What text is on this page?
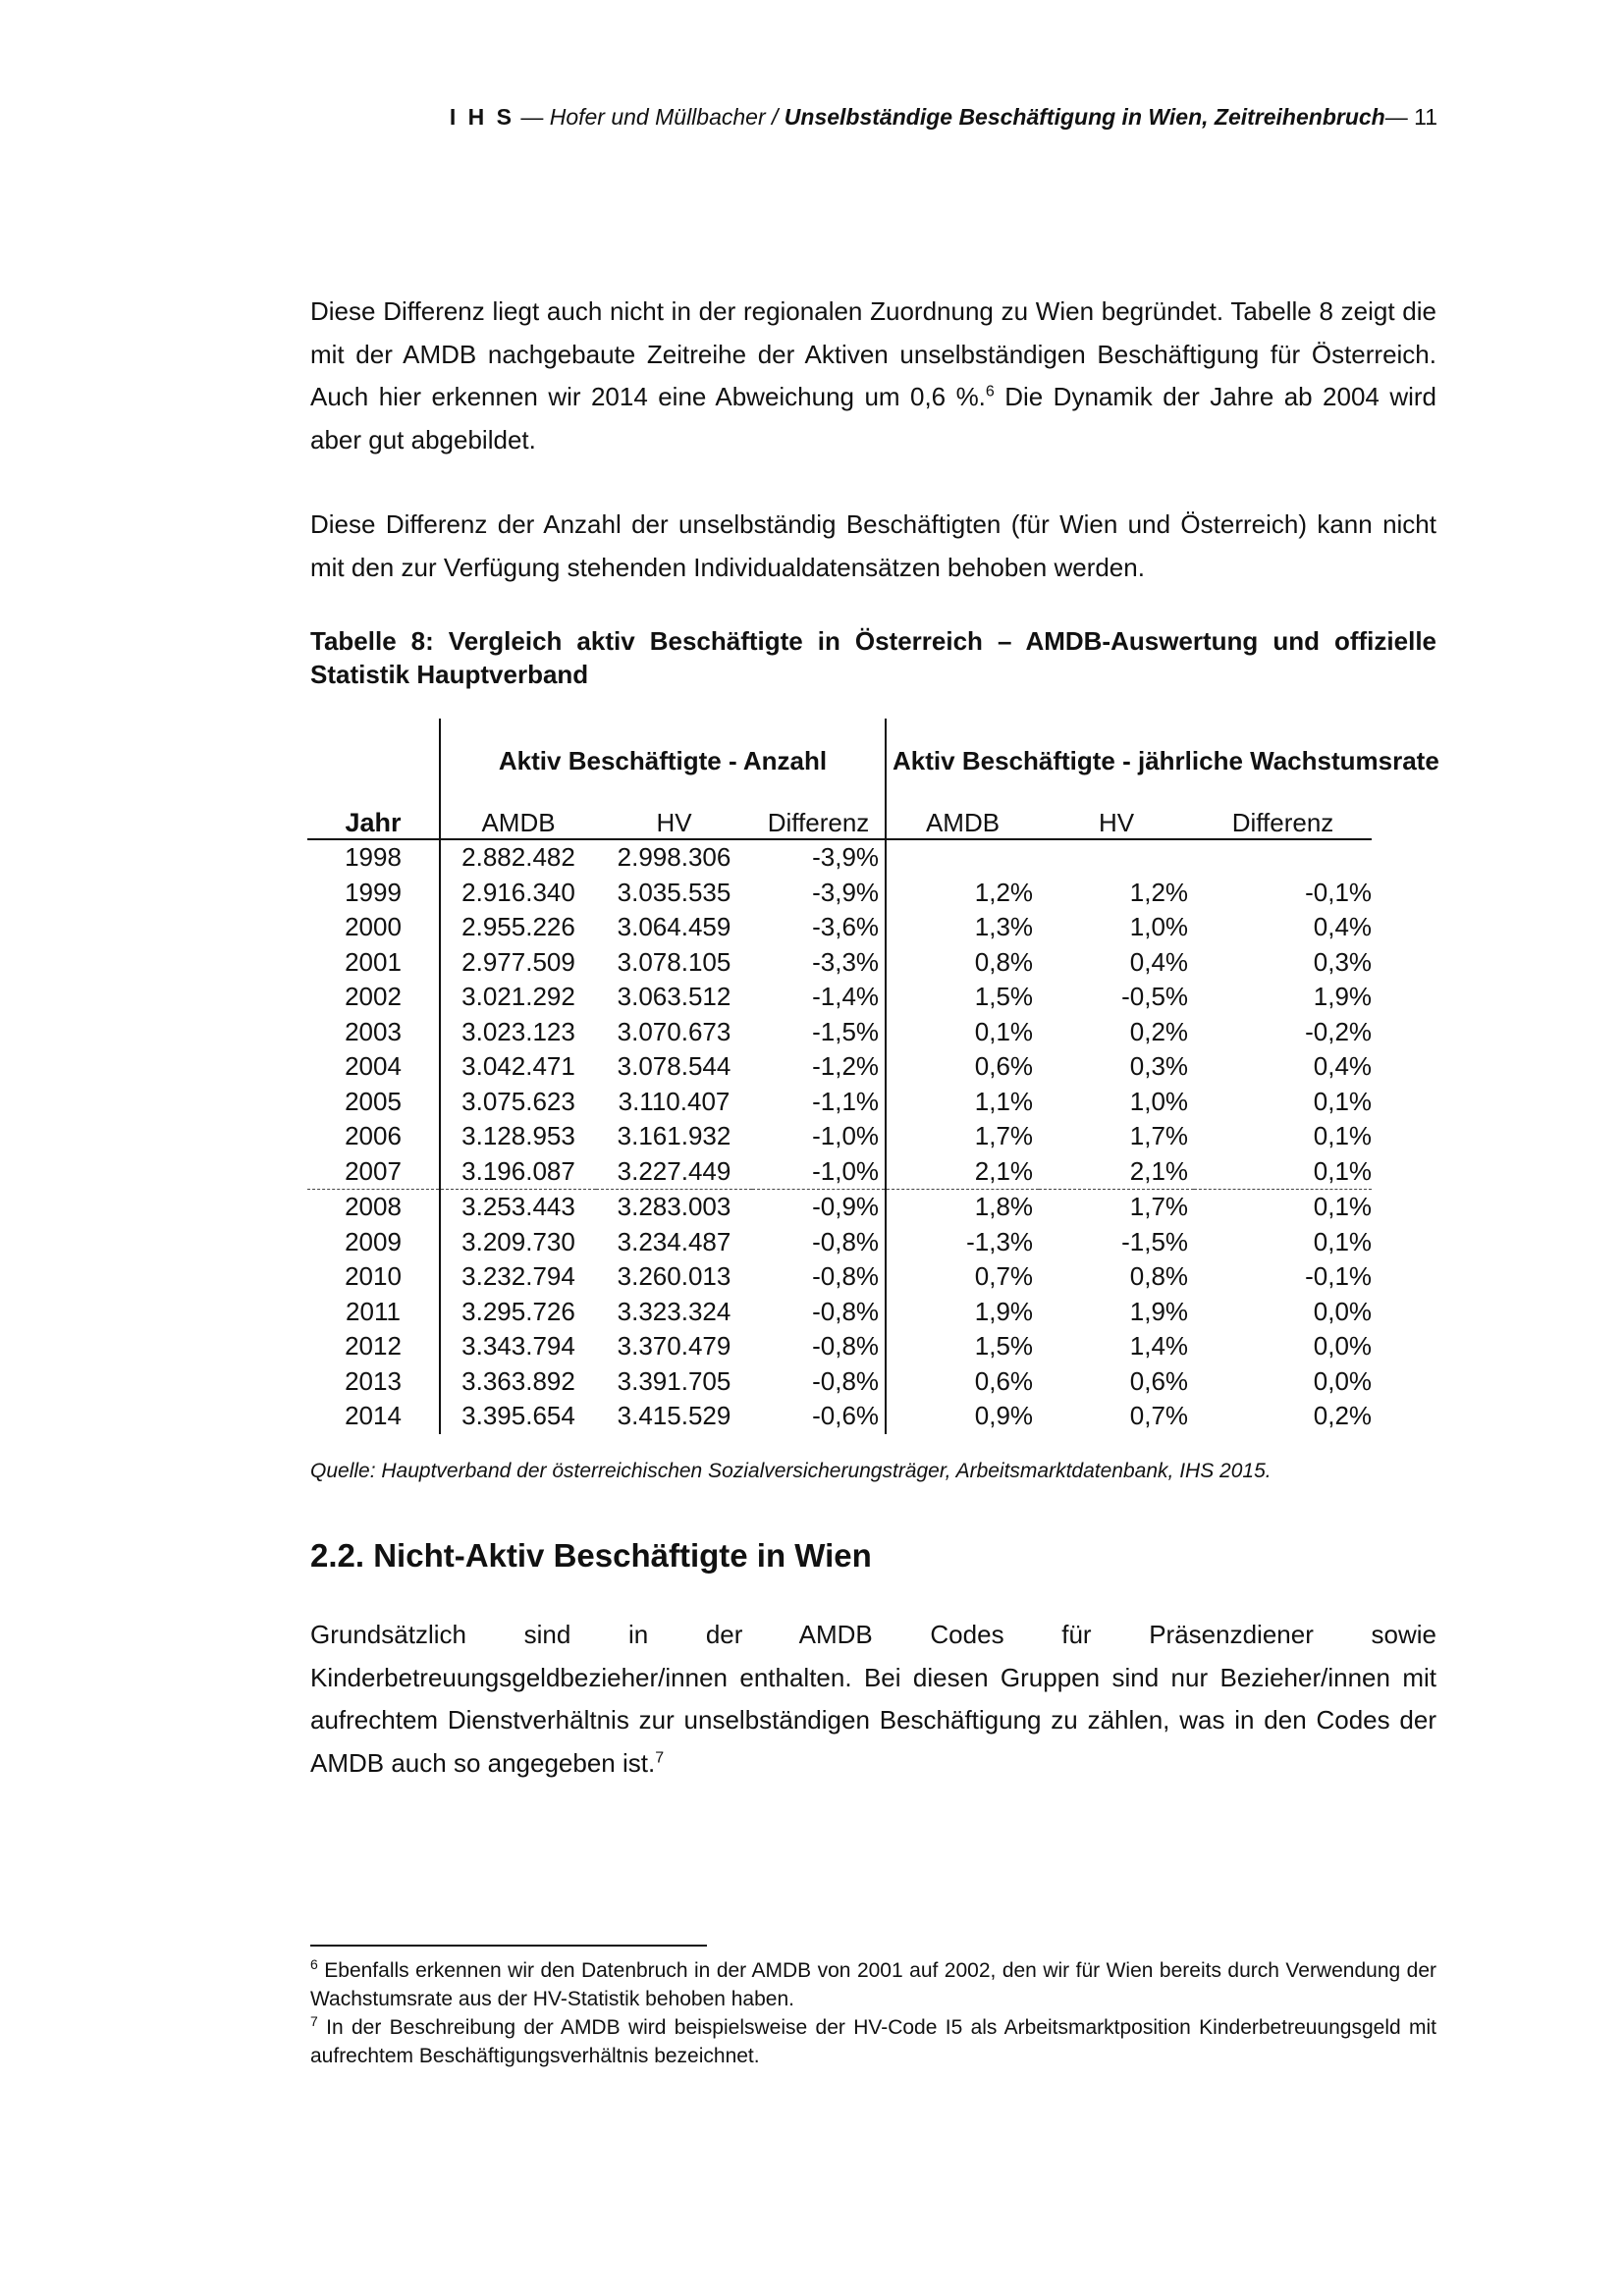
I H S — Hofer und Müllbacher / Unselbständige Beschäftigung in Wien, Zeitreihenbruch— 11
Diese Differenz liegt auch nicht in der regionalen Zuordnung zu Wien begründet. Tabelle 8 zeigt die mit der AMDB nachgebaute Zeitreihe der Aktiven unselbständigen Beschäftigung für Österreich. Auch hier erkennen wir 2014 eine Abweichung um 0,6 %.$^6$ Die Dynamik der Jahre ab 2004 wird aber gut abgebildet.
Diese Differenz der Anzahl der unselbständig Beschäftigten (für Wien und Österreich) kann nicht mit den zur Verfügung stehenden Individualdatensätzen behoben werden.
Tabelle 8: Vergleich aktiv Beschäftigte in Österreich – AMDB-Auswertung und offizielle Statistik Hauptverband
	Aktiv Beschäftigte - Anzahl			Aktiv Beschäftigte - jährliche Wachstumsrate		
Jahr	AMDB	HV	Differenz	AMDB	HV	Differenz
1998	2.882.482	2.998.306	-3,9%			
1999	2.916.340	3.035.535	-3,9%	1,2%	1,2%	-0,1%
2000	2.955.226	3.064.459	-3,6%	1,3%	1,0%	0,4%
2001	2.977.509	3.078.105	-3,3%	0,8%	0,4%	0,3%
2002	3.021.292	3.063.512	-1,4%	1,5%	-0,5%	1,9%
2003	3.023.123	3.070.673	-1,5%	0,1%	0,2%	-0,2%
2004	3.042.471	3.078.544	-1,2%	0,6%	0,3%	0,4%
2005	3.075.623	3.110.407	-1,1%	1,1%	1,0%	0,1%
2006	3.128.953	3.161.932	-1,0%	1,7%	1,7%	0,1%
2007	3.196.087	3.227.449	-1,0%	2,1%	2,1%	0,1%
2008	3.253.443	3.283.003	-0,9%	1,8%	1,7%	0,1%
2009	3.209.730	3.234.487	-0,8%	-1,3%	-1,5%	0,1%
2010	3.232.794	3.260.013	-0,8%	0,7%	0,8%	-0,1%
2011	3.295.726	3.323.324	-0,8%	1,9%	1,9%	0,0%
2012	3.343.794	3.370.479	-0,8%	1,5%	1,4%	0,0%
2013	3.363.892	3.391.705	-0,8%	0,6%	0,6%	0,0%
2014	3.395.654	3.415.529	-0,6%	0,9%	0,7%	0,2%
Quelle: Hauptverband der österreichischen Sozialversicherungsträger, Arbeitsmarktdatenbank, IHS 2015.
2.2. Nicht-Aktiv Beschäftigte in Wien
Grundsätzlich sind in der AMDB Codes für Präsenzdiener sowie Kinderbetreuungsgeldbezieher/innen enthalten. Bei diesen Gruppen sind nur Bezieher/innen mit aufrechtem Dienstverhältnis zur unselbständigen Beschäftigung zu zählen, was in den Codes der AMDB auch so angegeben ist.$^7$
$^6$ Ebenfalls erkennen wir den Datenbruch in der AMDB von 2001 auf 2002, den wir für Wien bereits durch Verwendung der Wachstumsrate aus der HV-Statistik behoben haben.
$^7$ In der Beschreibung der AMDB wird beispielsweise der HV-Code I5 als Arbeitsmarktposition Kinderbetreuungsgeld mit aufrechtem Beschäftigungsverhältnis bezeichnet.
